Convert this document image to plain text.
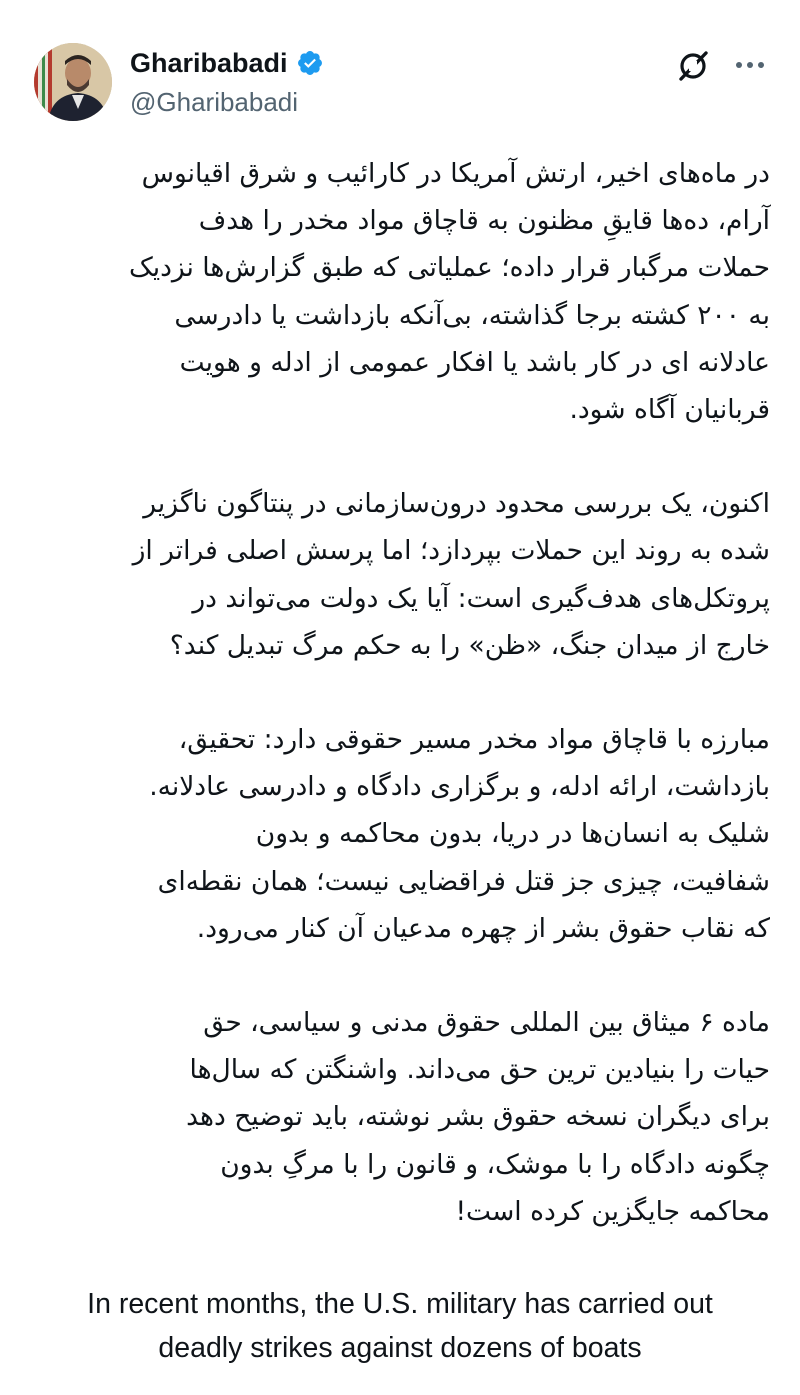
Gharibabadi
@Gharibabadi

در ماه‌های اخیر، ارتش آمریکا در کارائیب و شرق اقیانوس
آرام، ده‌ها قایقِ مظنون به قاچاق مواد مخدر را هدف
حملات مرگبار قرار داده؛ عملیاتی که طبق گزارش‌ها نزدیک
به ۲۰۰ کشته برجا گذاشته، بی‌آنکه بازداشت یا دادرسی
عادلانه ای در کار باشد یا افکار عمومی از ادله و هویت
قربانیان آگاه شود.

اکنون، یک بررسی محدود درون‌سازمانی در پنتاگون ناگزیر
شده به روند این حملات بپردازد؛ اما پرسش اصلی فراتر از
پروتکل‌های هدف‌گیری است: آیا یک دولت می‌تواند در
خارج از میدان جنگ، «ظن» را به حکم مرگ تبدیل کند؟

مبارزه با قاچاق مواد مخدر مسیر حقوقی دارد: تحقیق،
بازداشت، ارائه ادله، و برگزاری دادگاه و دادرسی عادلانه.
شلیک به انسان‌ها در دریا، بدون محاکمه و بدون
شفافیت، چیزی جز قتل فراقضایی نیست؛ همان نقطه‌ای
که نقاب حقوق بشر از چهره مدعیان آن کنار می‌رود.

ماده ۶ میثاق بین المللی حقوق مدنی و سیاسی، حق
حیات را بنیادین ترین حق می‌داند. واشنگتن که سال‌ها
برای دیگران نسخه حقوق بشر نوشته، باید توضیح دهد
چگونه دادگاه را با موشک، و قانون را با مرگِ بدون
محاکمه جایگزین کرده است!

In recent months, the U.S. military has carried out
deadly strikes against dozens of boats
